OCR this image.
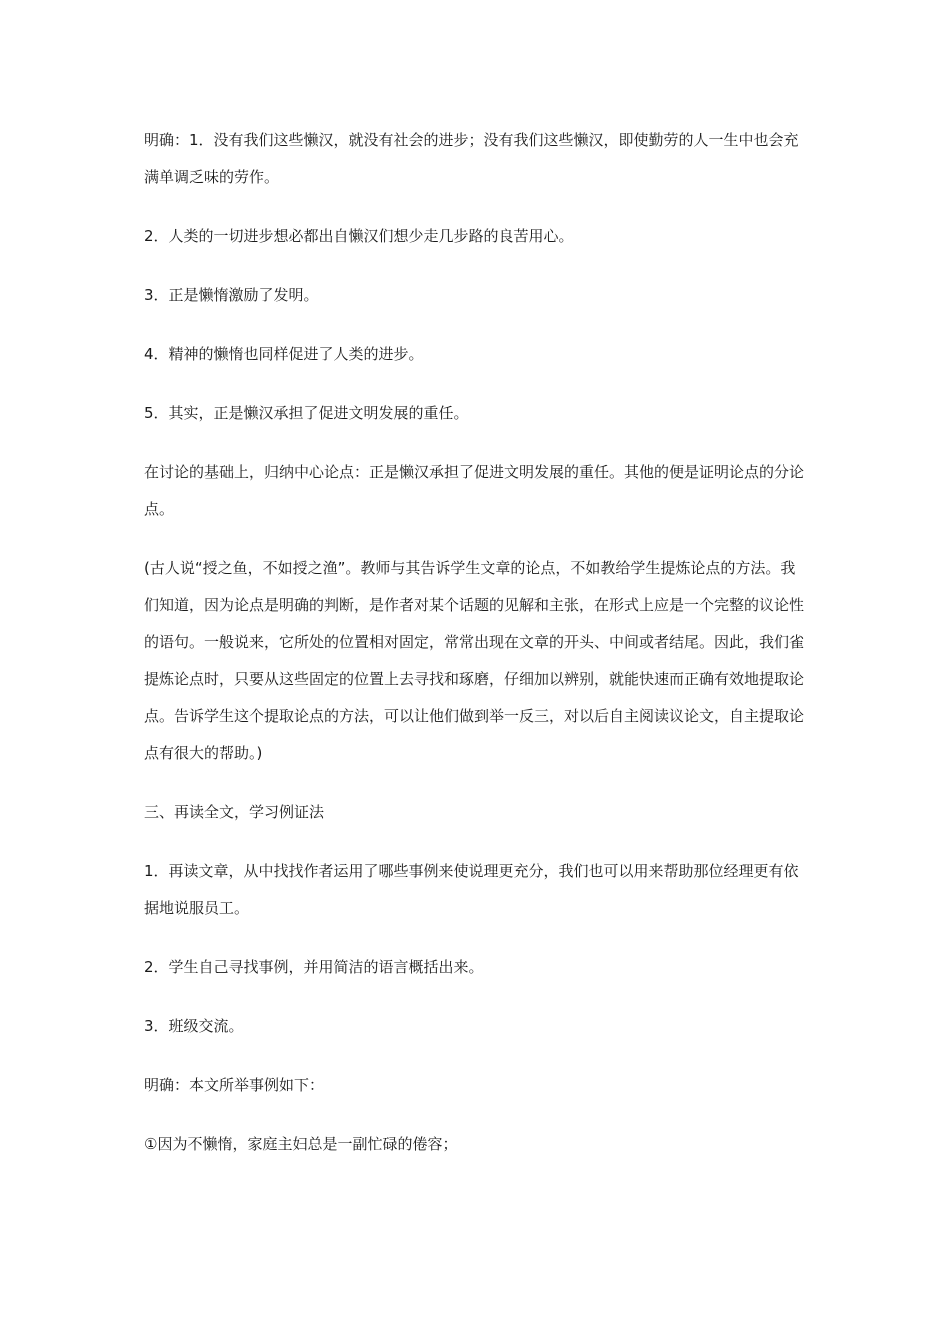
明确：1．没有我们这些懒汉，就没有社会的进步；没有我们这些懒汉，即使勤劳的人一生中也会充满单调乏味的劳作。

2．人类的一切进步想必都出自懒汉们想少走几步路的良苦用心。

3．正是懒惰激励了发明。

4．精神的懒惰也同样促进了人类的进步。

5．其实，正是懒汉承担了促进文明发展的重任。

在讨论的基础上，归纳中心论点：正是懒汉承担了促进文明发展的重任。其他的便是证明论点的分论点。

(古人说“授之鱼，不如授之渔”。教师与其告诉学生文章的论点，不如教给学生提炼论点的方法。我们知道，因为论点是明确的判断，是作者对某个话题的见解和主张，在形式上应是一个完整的议论性的语句。一般说来，它所处的位置相对固定，常常出现在文章的开头、中间或者结尾。因此，我们雀提炼论点时，只要从这些固定的位置上去寻找和琢磨，仔细加以辨别，就能快速而正确有效地提取论点。告诉学生这个提取论点的方法，可以让他们做到举一反三，对以后自主阅读议论文，自主提取论点有很大的帮助。)

三、再读全文，学习例证法

1．再读文章，从中找找作者运用了哪些事例来使说理更充分，我们也可以用来帮助那位经理更有依据地说服员工。

2．学生自己寻找事例，并用简洁的语言概括出来。

3．班级交流。

明确：本文所举事例如下：

①因为不懒惰，家庭主妇总是一副忙碌的倦容；
